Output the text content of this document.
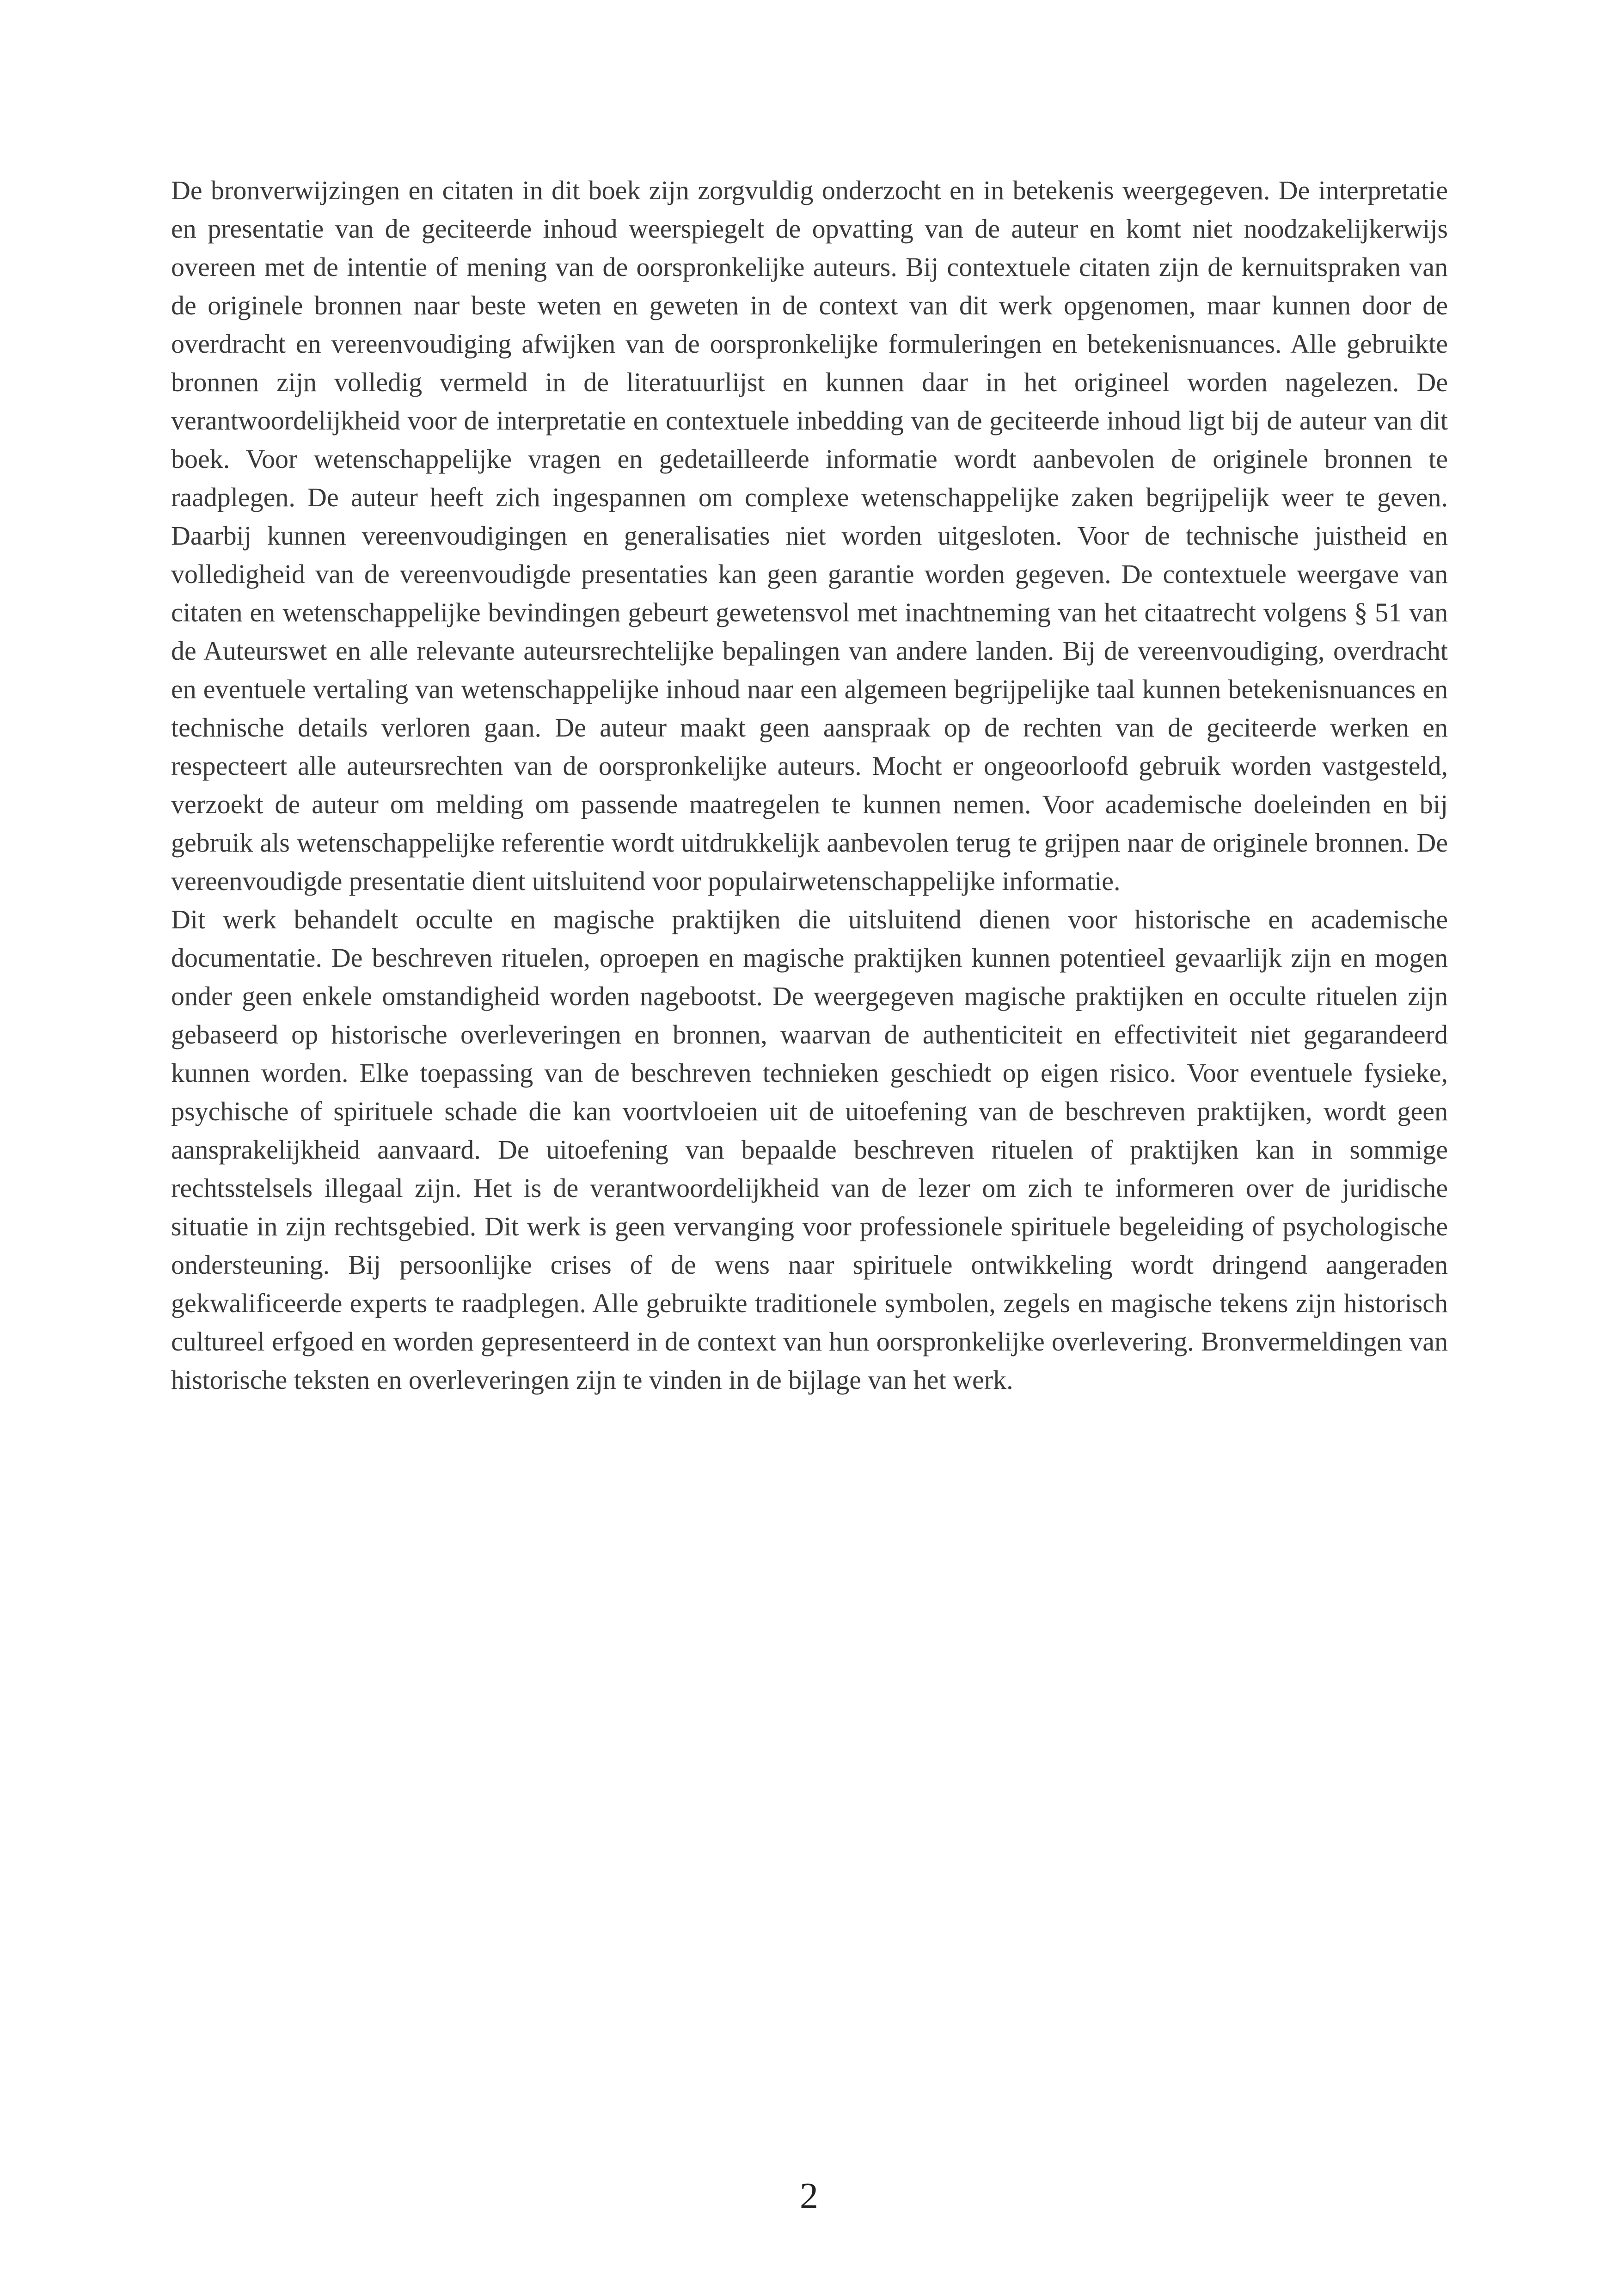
De bronverwijzingen en citaten in dit boek zijn zorgvuldig onderzocht en in betekenis weergegeven. De interpretatie en presentatie van de geciteerde inhoud weerspiegelt de opvatting van de auteur en komt niet noodzakelijkerwijs overeen met de intentie of mening van de oorspronkelijke auteurs. Bij contextuele citaten zijn de kernuitspraken van de originele bronnen naar beste weten en geweten in de context van dit werk opgenomen, maar kunnen door de overdracht en vereenvoudiging afwijken van de oorspronkelijke formuleringen en betekenisnuances. Alle gebruikte bronnen zijn volledig vermeld in de literatuurlijst en kunnen daar in het origineel worden nagelezen. De verantwoordelijkheid voor de interpretatie en contextuele inbedding van de geciteerde inhoud ligt bij de auteur van dit boek. Voor wetenschappelijke vragen en gedetailleerde informatie wordt aanbevolen de originele bronnen te raadplegen. De auteur heeft zich ingespannen om complexe wetenschappelijke zaken begrijpelijk weer te geven. Daarbij kunnen vereenvoudigingen en generalisaties niet worden uitgesloten. Voor de technische juistheid en volledigheid van de vereenvoudigde presentaties kan geen garantie worden gegeven. De contextuele weergave van citaten en wetenschappelijke bevindingen gebeurt gewetensvol met inachtneming van het citaatrecht volgens § 51 van de Auteurswet en alle relevante auteursrechtelijke bepalingen van andere landen. Bij de vereenvoudiging, overdracht en eventuele vertaling van wetenschappelijke inhoud naar een algemeen begrijpelijke taal kunnen betekenisnuances en technische details verloren gaan. De auteur maakt geen aanspraak op de rechten van de geciteerde werken en respecteert alle auteursrechten van de oorspronkelijke auteurs. Mocht er ongeoorloofd gebruik worden vastgesteld, verzoekt de auteur om melding om passende maatregelen te kunnen nemen. Voor academische doeleinden en bij gebruik als wetenschappelijke referentie wordt uitdrukkelijk aanbevolen terug te grijpen naar de originele bronnen. De vereenvoudigde presentatie dient uitsluitend voor populairwetenschappelijke informatie.

Dit werk behandelt occulte en magische praktijken die uitsluitend dienen voor historische en academische documentatie. De beschreven rituelen, oproepen en magische praktijken kunnen potentieel gevaarlijk zijn en mogen onder geen enkele omstandigheid worden nagebootst. De weergegeven magische praktijken en occulte rituelen zijn gebaseerd op historische overleveringen en bronnen, waarvan de authenticiteit en effectiviteit niet gegarandeerd kunnen worden. Elke toepassing van de beschreven technieken geschiedt op eigen risico. Voor eventuele fysieke, psychische of spirituele schade die kan voortvloeien uit de uitoefening van de beschreven praktijken, wordt geen aansprakelijkheid aanvaard. De uitoefening van bepaalde beschreven rituelen of praktijken kan in sommige rechtsstelsels illegaal zijn. Het is de verantwoordelijkheid van de lezer om zich te informeren over de juridische situatie in zijn rechtsgebied. Dit werk is geen vervanging voor professionele spirituele begeleiding of psychologische ondersteuning. Bij persoonlijke crises of de wens naar spirituele ontwikkeling wordt dringend aangeraden gekwalificeerde experts te raadplegen. Alle gebruikte traditionele symbolen, zegels en magische tekens zijn historisch cultureel erfgoed en worden gepresenteerd in de context van hun oorspronkelijke overlevering. Bronvermeldingen van historische teksten en overleveringen zijn te vinden in de bijlage van het werk.

2
